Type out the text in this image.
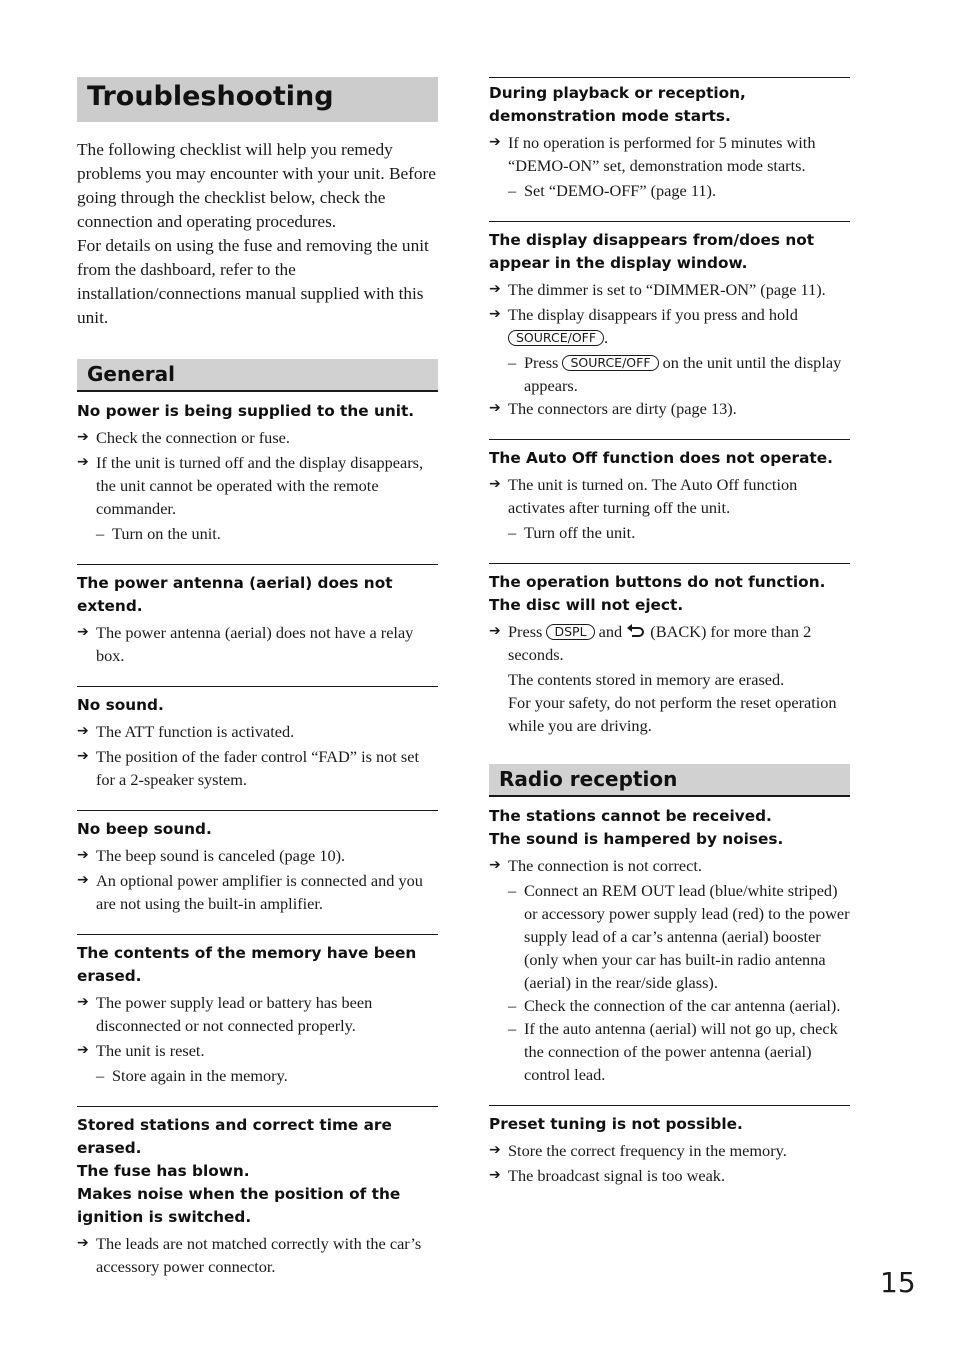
Troubleshooting

The following checklist will help you remedy problems you may encounter with your unit. Before going through the checklist below, check the connection and operating procedures.

For details on using the fuse and removing the unit from the dashboard, refer to the installation/connections manual supplied with this unit.

General
No power is being supplied to the unit.
➔ Check the connection or fuse.
➔ If the unit is turned off and the display disappears, the unit cannot be operated with the remote commander.
– Turn on the unit.
The power antenna (aerial) does not extend.
➔ The power antenna (aerial) does not have a relay box.
No sound.
➔ The ATT function is activated.
➔ The position of the fader control “FAD” is not set for a 2-speaker system.
No beep sound.
➔ The beep sound is canceled (page 10).
➔ An optional power amplifier is connected and you are not using the built-in amplifier.
The contents of the memory have been erased.
➔ The power supply lead or battery has been disconnected or not connected properly.
➔ The unit is reset.
– Store again in the memory.
Stored stations and correct time are erased.
The fuse has blown.
Makes noise when the position of the ignition is switched.
➔ The leads are not matched correctly with the car’s accessory power connector.
During playback or reception, demonstration mode starts.
➔ If no operation is performed for 5 minutes with “DEMO-ON” set, demonstration mode starts.
– Set “DEMO-OFF” (page 11).
The display disappears from/does not appear in the display window.
➔ The dimmer is set to “DIMMER-ON” (page 11).
➔ The display disappears if you press and hold SOURCE/OFF .
– Press SOURCE/OFF on the unit until the display appears.
➔ The connectors are dirty (page 13).
The Auto Off function does not operate.
➔ The unit is turned on. The Auto Off function activates after turning off the unit.
– Turn off the unit.
The operation buttons do not function.
The disc will not eject.
➔ Press DSPL and (BACK) for more than 2 seconds.
The contents stored in memory are erased.
For your safety, do not perform the reset operation while you are driving.
Radio reception
The stations cannot be received.
The sound is hampered by noises.
➔ The connection is not correct.
– Connect an REM OUT lead (blue/white striped) or accessory power supply lead (red) to the power supply lead of a car’s antenna (aerial) booster (only when your car has built-in radio antenna (aerial) in the rear/side glass).
– Check the connection of the car antenna (aerial).
– If the auto antenna (aerial) will not go up, check the connection of the power antenna (aerial) control lead.
Preset tuning is not possible.
➔ Store the correct frequency in the memory.
➔ The broadcast signal is too weak.
15
